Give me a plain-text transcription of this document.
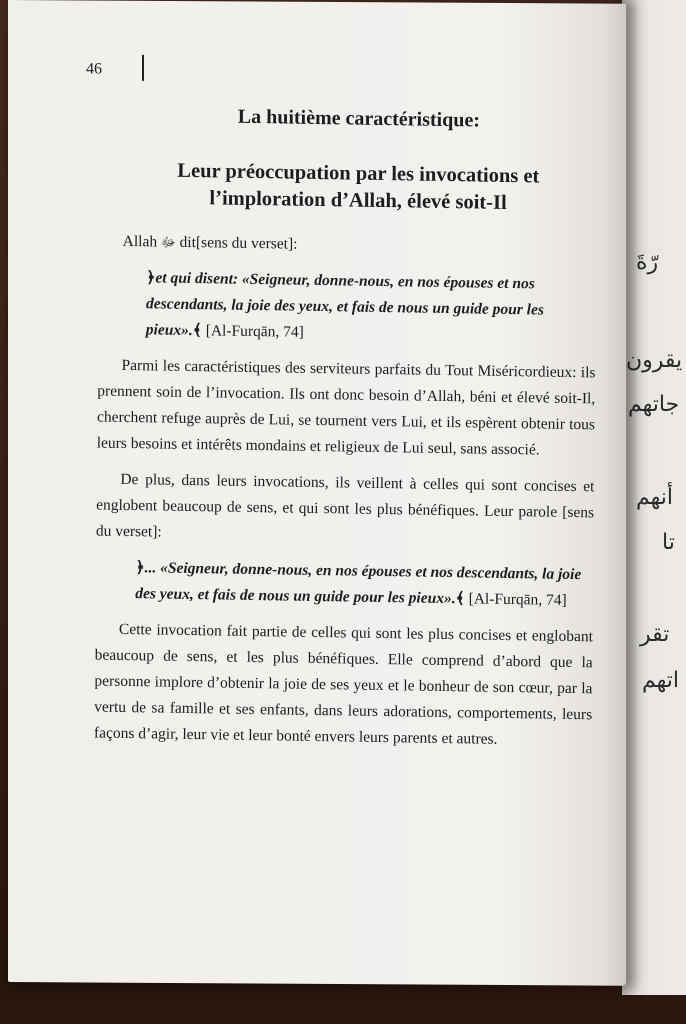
رّةَ
يقرون
جاتهم
أنهم
تا
تقر
اتهم
46
La huitième caractéristique:
Leur préoccupation par les invocations et
l’imploration d’Allah, élevé soit-Il
Allah ﷻ dit[sens du verset]:
﴿et qui disent: «Seigneur, donne-nous, en nos épouses et nos descendants, la joie des yeux, et fais de nous un guide pour les pieux».﴾ [Al-Furqān, 74]

Parmi les caractéristiques des serviteurs parfaits du Tout Miséricordieux: ils prennent soin de l’invocation. Ils ont donc besoin d’Allah, béni et élevé soit-Il, cherchent refuge auprès de Lui, se tournent vers Lui, et ils espèrent obtenir tous leurs besoins et intérêts mondains et religieux de Lui seul, sans associé.

De plus, dans leurs invocations, ils veillent à celles qui sont concises et englobent beaucoup de sens, et qui sont les plus bénéfiques. Leur parole [sens du verset]:

﴿... «Seigneur, donne-nous, en nos épouses et nos descendants, la joie des yeux, et fais de nous un guide pour les pieux».﴾ [Al-Furqān, 74]

Cette invocation fait partie de celles qui sont les plus concises et englobant beaucoup de sens, et les plus bénéfiques. Elle comprend d’abord que la personne implore d’obtenir la joie de ses yeux et le bonheur de son cœur, par la vertu de sa famille et ses enfants, dans leurs adorations, comportements, leurs façons d’agir, leur vie et leur bonté envers leurs parents et autres.
